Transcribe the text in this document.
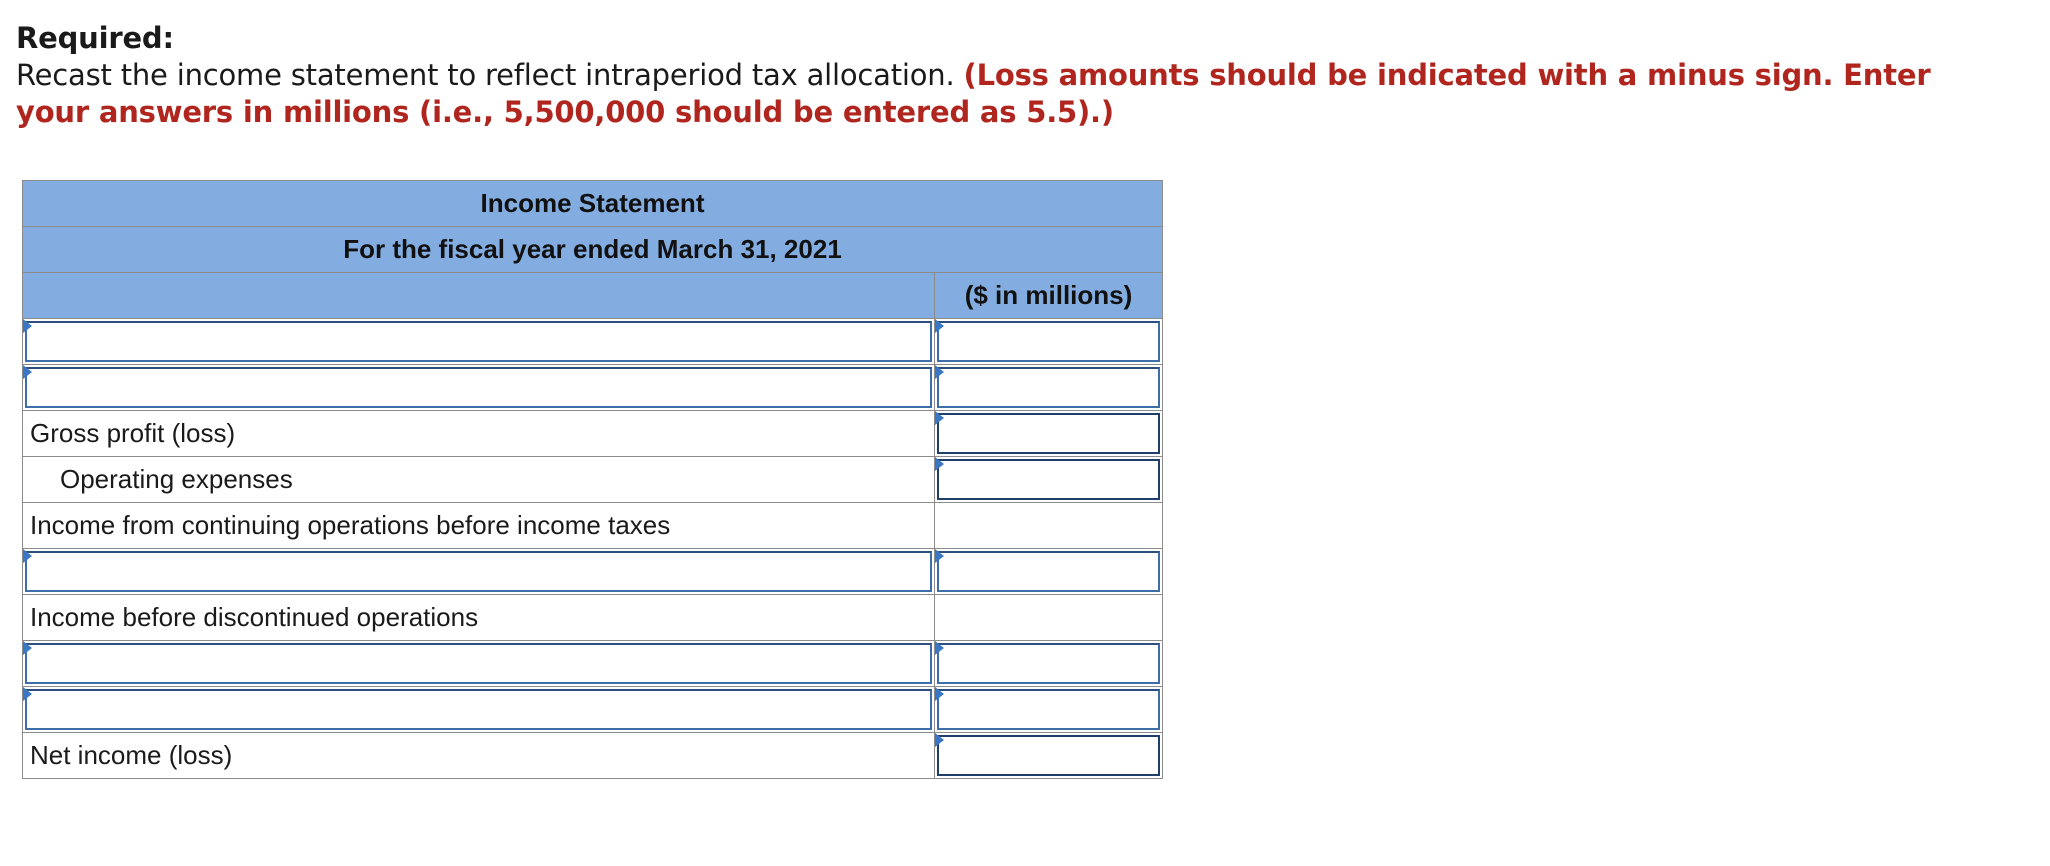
Required:
Recast the income statement to reflect intraperiod tax allocation. (Loss amounts should be indicated with a minus sign. Enter your answers in millions (i.e., 5,500,000 should be entered as 5.5).)
Income Statement	
For the fiscal year ended March 31, 2021	
	($ in millions)

Gross profit (loss)	

Operating expenses	

Income from continuing operations before income taxes	

Income before discontinued operations	

Net income (loss)	
